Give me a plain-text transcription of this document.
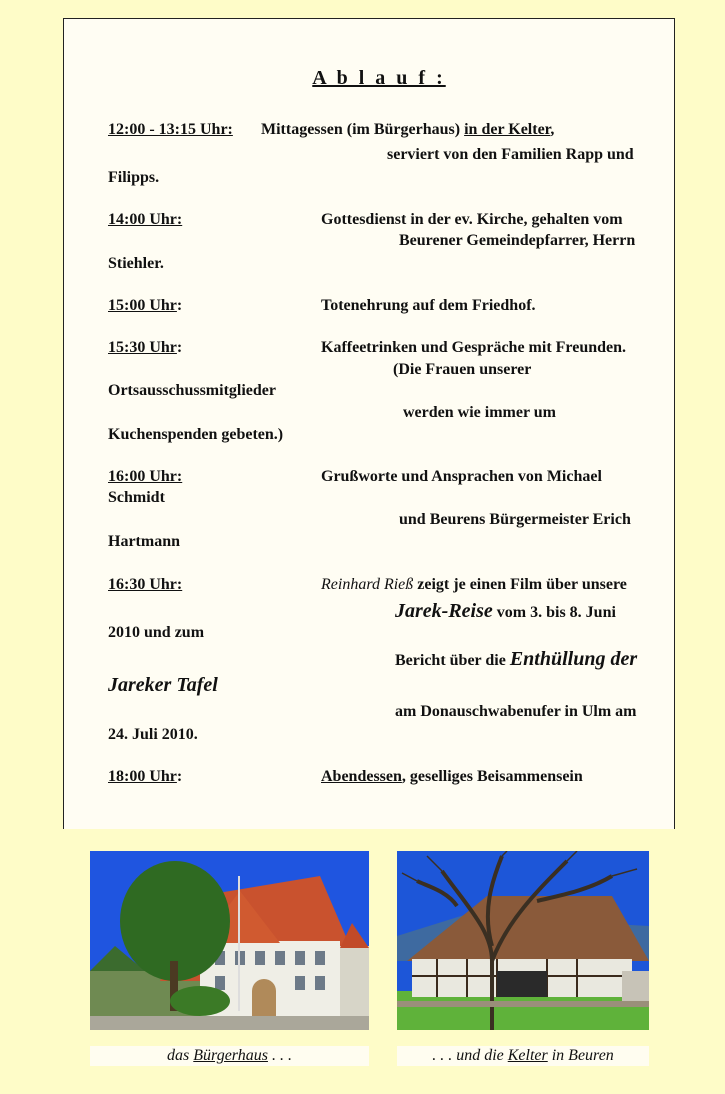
A b l a u f :
12:00 - 13:15 Uhr: Mittagessen (im Bürgerhaus) in der Kelter,
serviert von den Familien Rapp und
Filipps.
14:00 Uhr:	Gottesdienst in der ev. Kirche, gehalten vom
Beurener Gemeindepfarrer, Herrn
Stiehler.
15:00 Uhr:	Totenehrung auf dem Friedhof.
15:30 Uhr:	Kaffeetrinken und Gespräche mit Freunden.
(Die Frauen unserer
Ortsausschussmitglieder
werden wie immer um
Kuchenspenden gebeten.)
16:00 Uhr:	Grußworte und Ansprachen von Michael
Schmidt
und Beurens Bürgermeister Erich
Hartmann
16:30 Uhr:	Reinhard Rieß zeigt je einen Film über unsere
Jarek-Reise vom 3. bis 8. Juni
2010 und zum
Bericht über die Enthüllung der
Jareker Tafel
am Donauschwabenufer in Ulm am
24. Juli 2010.
18:00 Uhr:	Abendessen, geselliges Beisammensein
das Bürgerhaus . . .	. . . und die Kelter in Beuren
